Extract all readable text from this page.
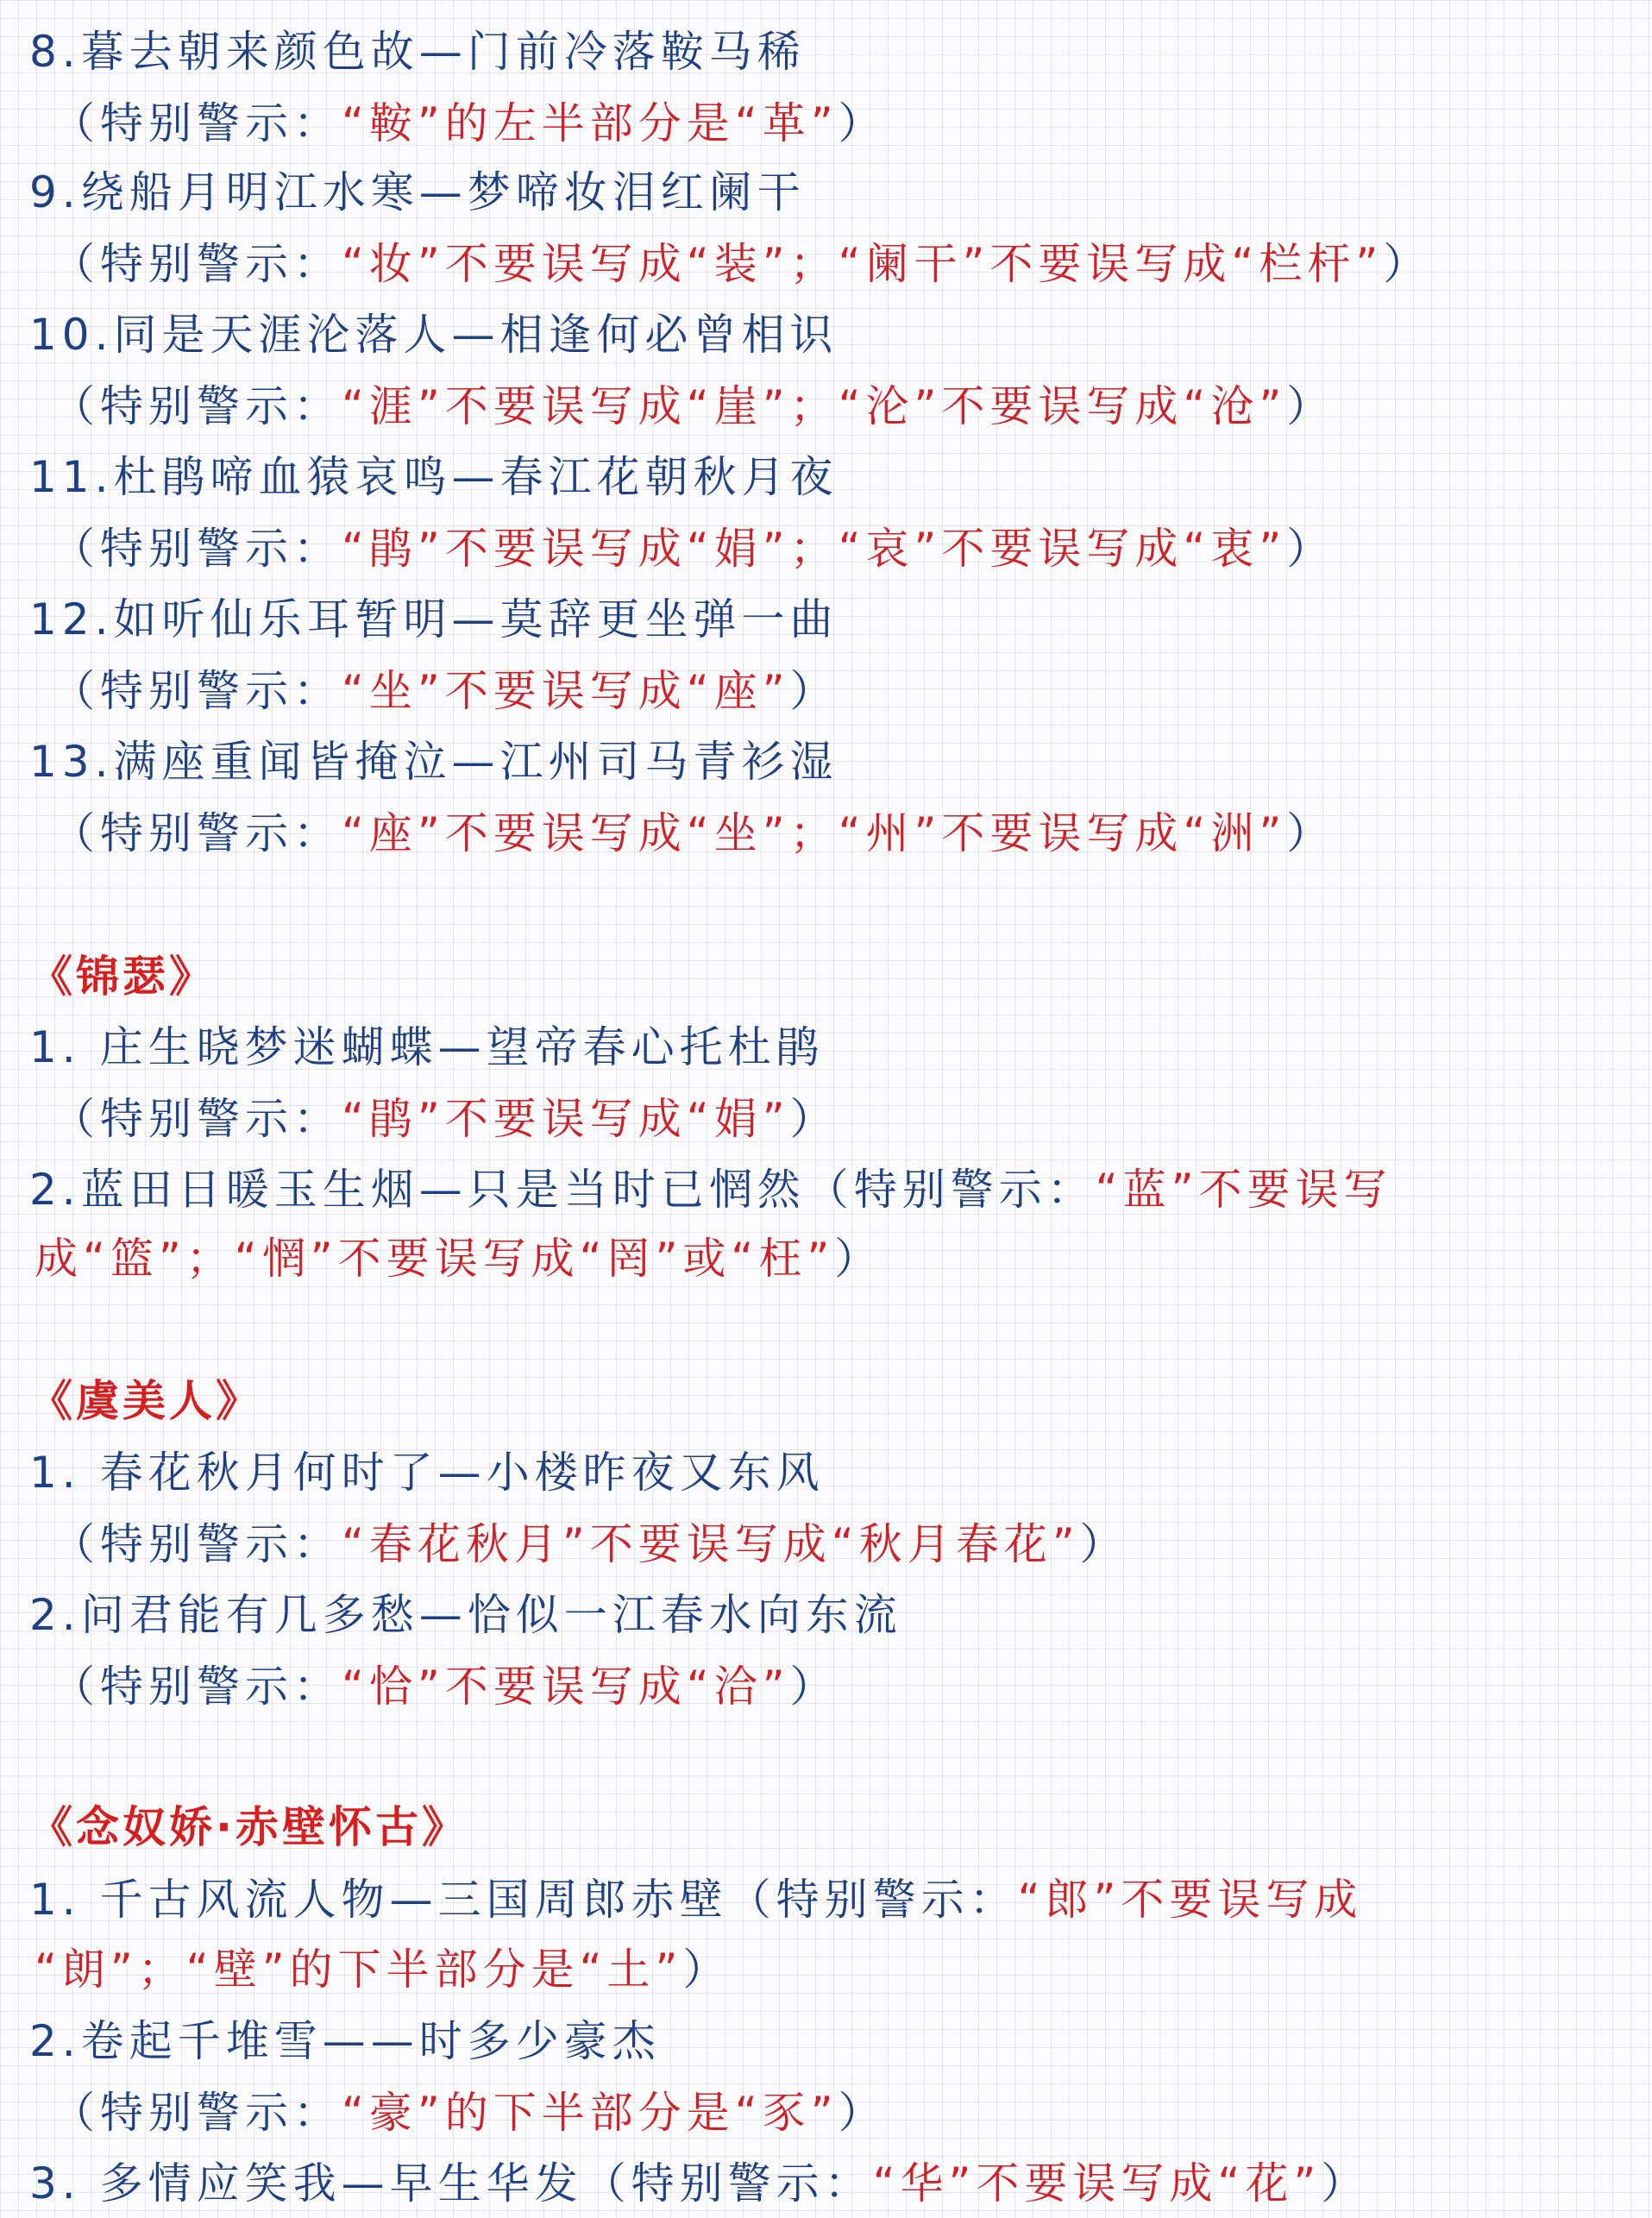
8.暮去朝来颜色故—门前冷落鞍马稀
（特别警示：“鞍”的左半部分是“革”）
9.绕船月明江水寒—梦啼妆泪红阑干
（特别警示：“妆”不要误写成“装”；“阑干”不要误写成“栏杆”）
10.同是天涯沦落人—相逢何必曾相识
（特别警示：“涯”不要误写成“崖”；“沦”不要误写成“沧”）
11.杜鹃啼血猿哀鸣—春江花朝秋月夜
（特别警示：“鹃”不要误写成“娟”；“哀”不要误写成“衷”）
12.如听仙乐耳暂明—莫辞更坐弹一曲
（特别警示：“坐”不要误写成“座”）
13.满座重闻皆掩泣—江州司马青衫湿
（特别警示：“座”不要误写成“坐”；“州”不要误写成“洲”）
《锦瑟》
1. 庄生晓梦迷蝴蝶—望帝春心托杜鹃
（特别警示：“鹃”不要误写成“娟”）
2.蓝田日暖玉生烟—只是当时已惘然（特别警示：“蓝”不要误写
成“篮”；“惘”不要误写成“罔”或“枉”）
《虞美人》
1. 春花秋月何时了—小楼昨夜又东风
（特别警示：“春花秋月”不要误写成“秋月春花”）
2.问君能有几多愁—恰似一江春水向东流
（特别警示：“恰”不要误写成“洽”）
《念奴娇·赤壁怀古》
1. 千古风流人物—三国周郎赤壁（特别警示：“郎”不要误写成
“朗”；“壁”的下半部分是“土”）
2.卷起千堆雪——时多少豪杰
（特别警示：“豪”的下半部分是“豕”）
3. 多情应笑我—早生华发（特别警示：“华”不要误写成“花”）
